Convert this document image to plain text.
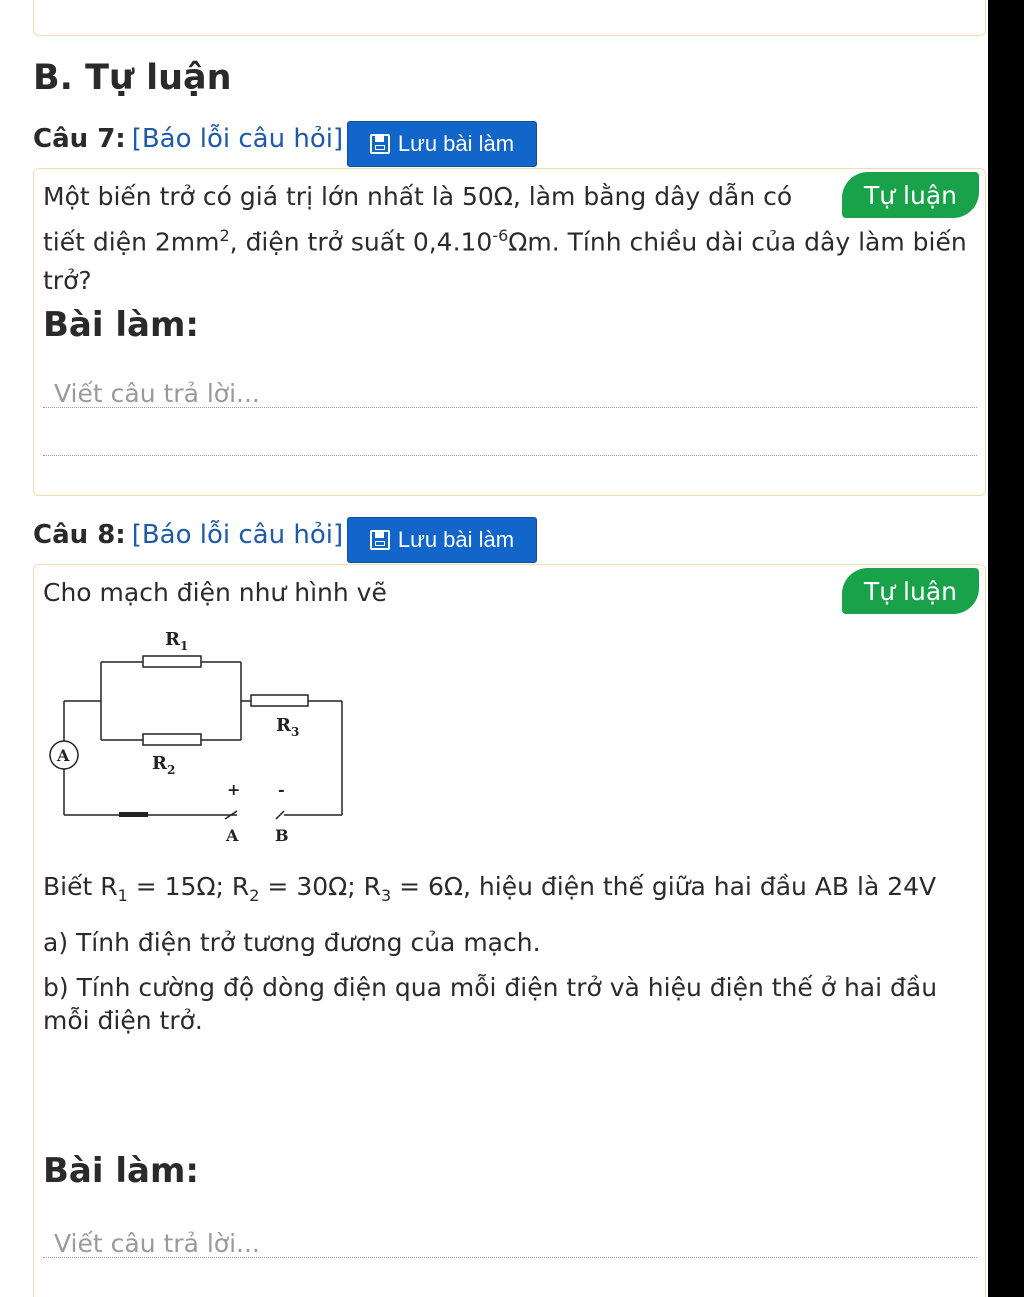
B. Tự luận
Câu 7: [Báo lỗi câu hỏi] Lưu bài làm
Tự luận
Một biến trở có giá trị lớn nhất là 50Ω, làm bằng dây dẫn có
tiết diện $2mm^2$, điện trở suất $0,4.10^{-6}\Omega m$. Tính chiều dài của dây làm biến
trở?
Bài làm:
Viết câu trả lời...
Câu 8: [Báo lỗi câu hỏi] Lưu bài làm
Tự luận
Cho mạch điện như hình vẽ
$R_1$
$R_3$
$R_2$
A
+ -
A B
Biết $R_1 = 15\Omega$; $R_2 = 30\Omega$; $R_3 = 6\Omega$, hiệu điện thế giữa hai đầu AB là 24V
a) Tính điện trở tương đương của mạch.
b) Tính cường độ dòng điện qua mỗi điện trở và hiệu điện thế ở hai đầu
mỗi điện trở.
Bài làm:
Viết câu trả lời...
